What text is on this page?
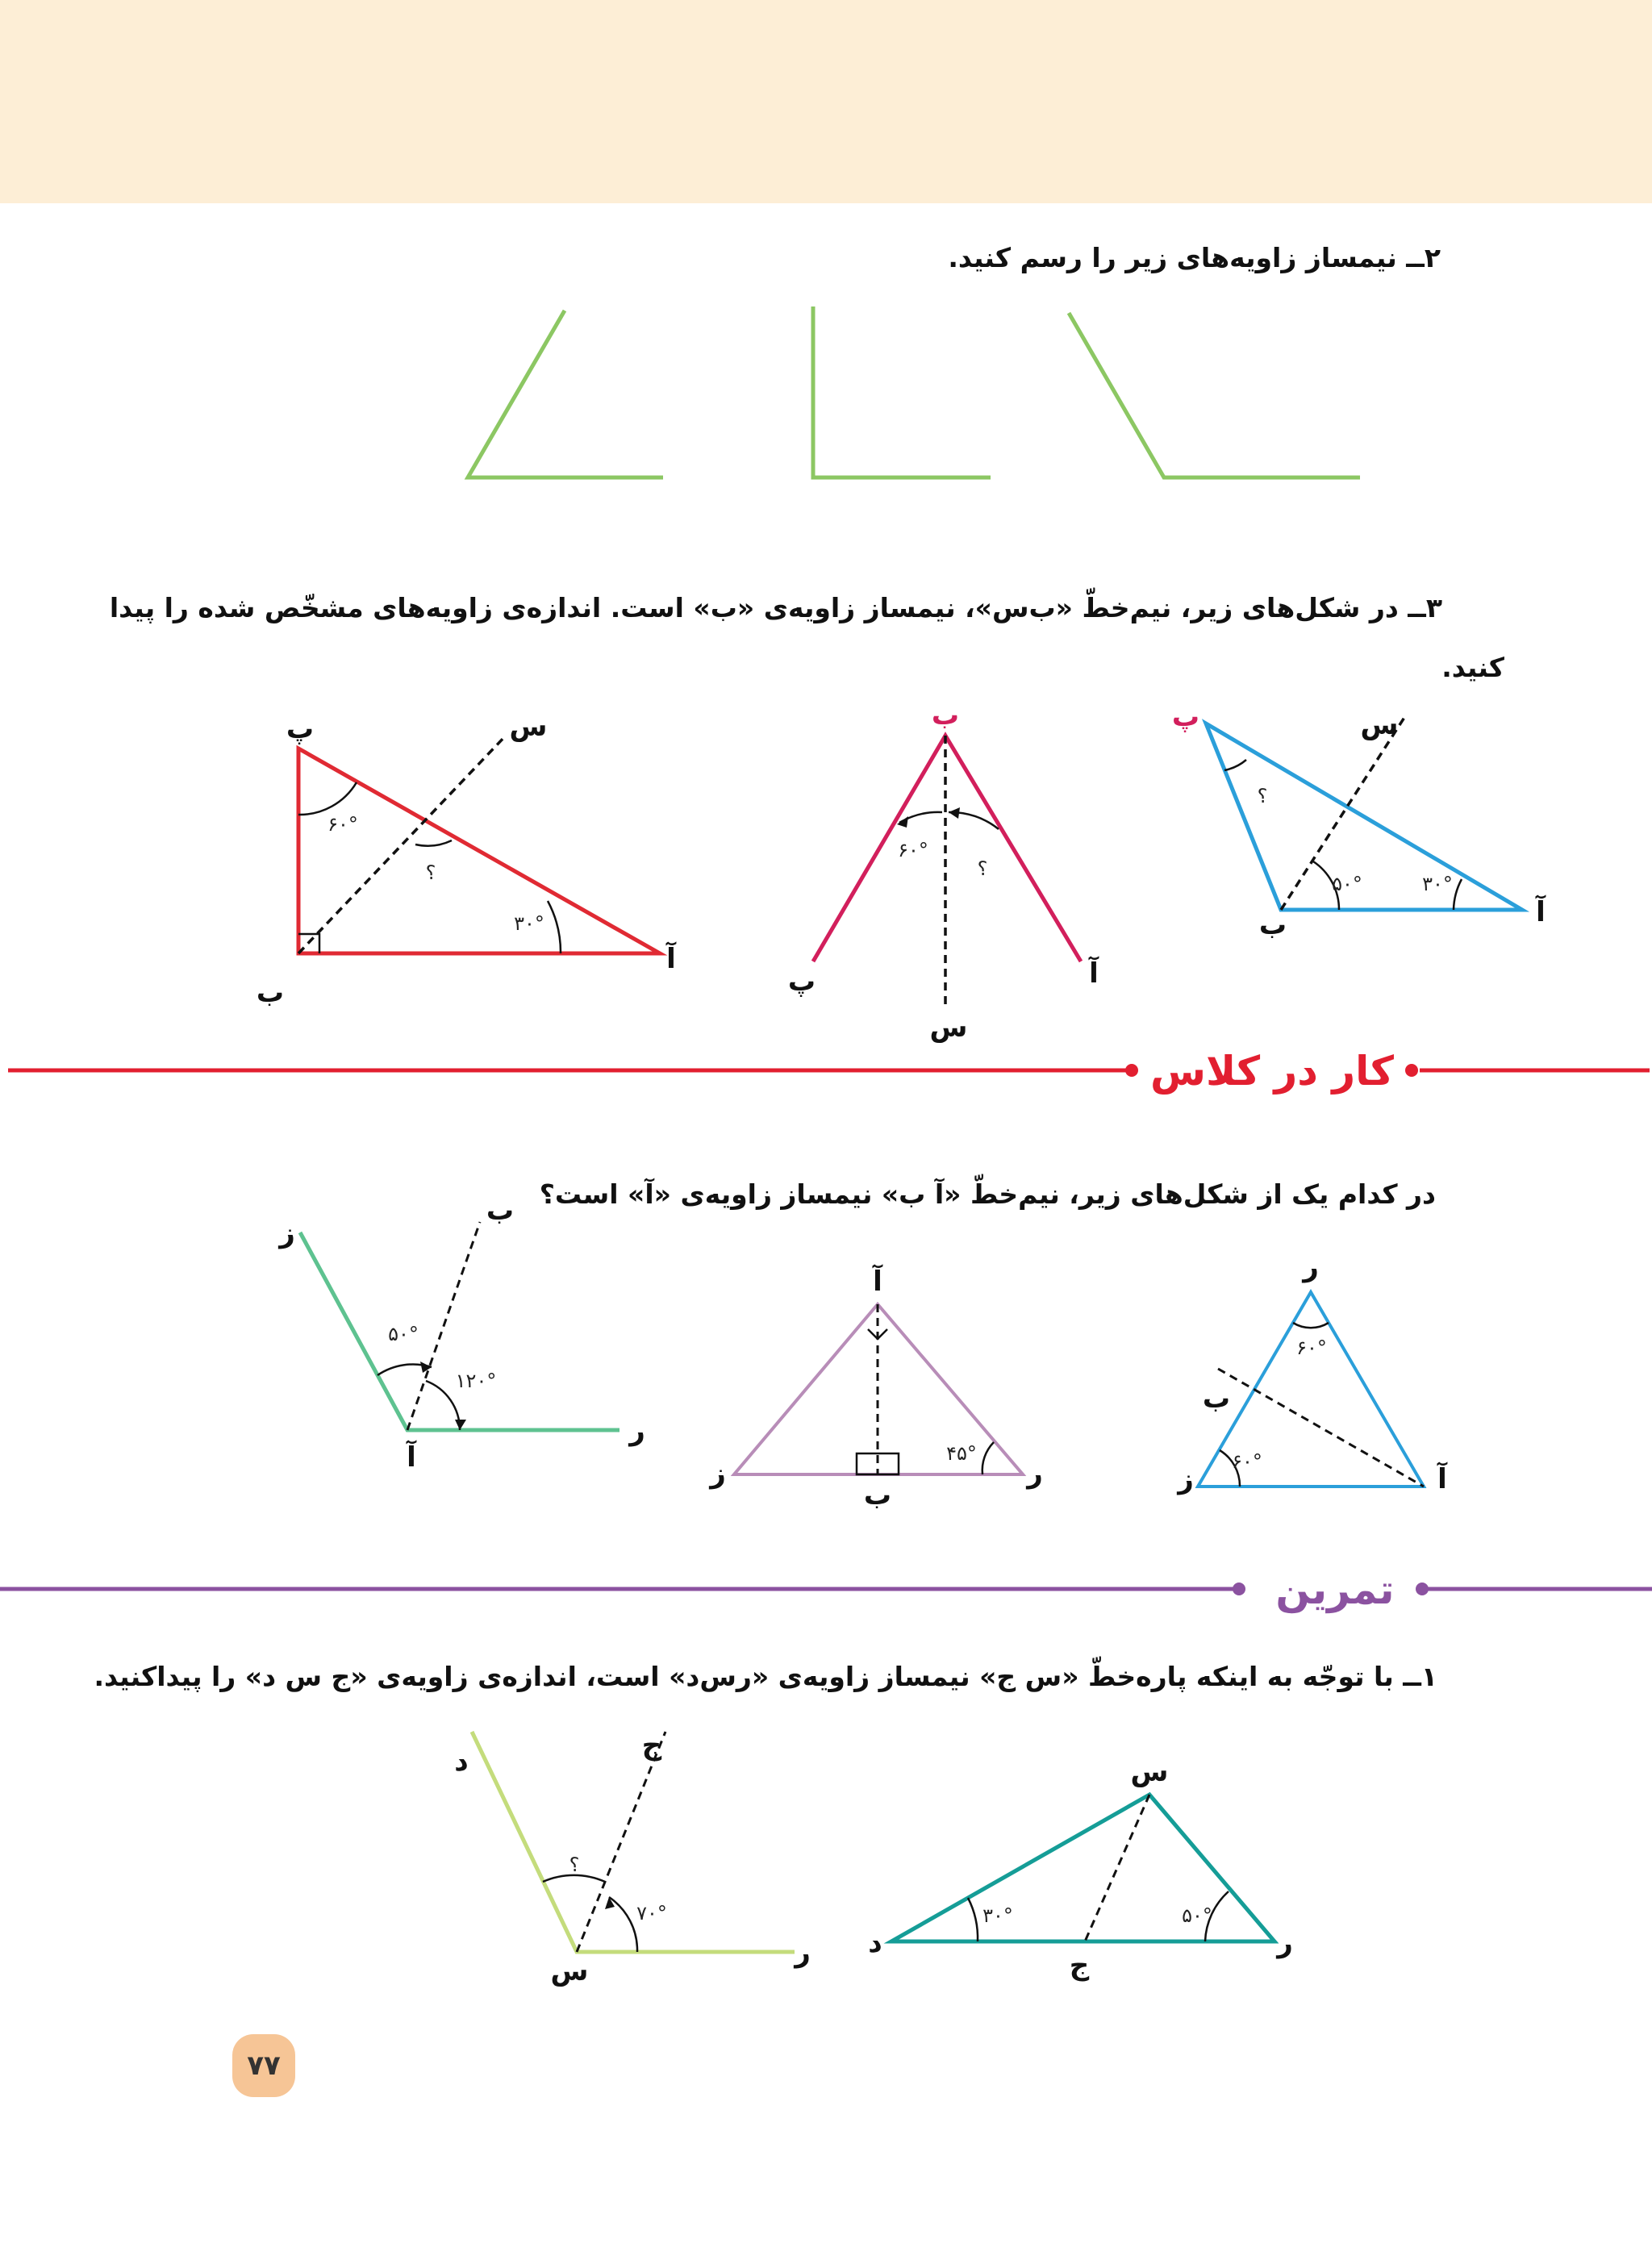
۲ــ نیمساز زاویه‌های زیر را رسم کنید.
۳ــ در شکل‌های زیر، نیم‌خطّ «ب‌س»، نیمساز زاویه‌ی «ب» است. اندازه‌ی زاویه‌های مشخّص شده را پیدا
کنید.
در کدام یک از شکل‌های زیر، نیم‌خطّ «آ ب» نیمساز زاویه‌ی «آ» است؟
۱ــ با توجّه به اینکه پاره‌خطّ «س ج» نیمساز زاویه‌ی «رس‌د» است، اندازه‌ی زاویه‌ی «ج س د» را پیداکنید.
پ
ب
آ
س
۶۰°
۳۰°
؟
ب
پ	آ
س
۶۰°
؟
پ
ب	آ
س
۵۰°	۳۰°
؟
کار در کلاس
ر
ب
ز	آ
۶۰°
۶۰°
آ
ز	ر
ب
۴۵°
ب
ز
آ
ر
۵۰°
۱۲۰°
تمرین
س
د	ر
ج
۳۰°	۵۰°
د	ج
س
ر
۷۰°
؟
۷۷
